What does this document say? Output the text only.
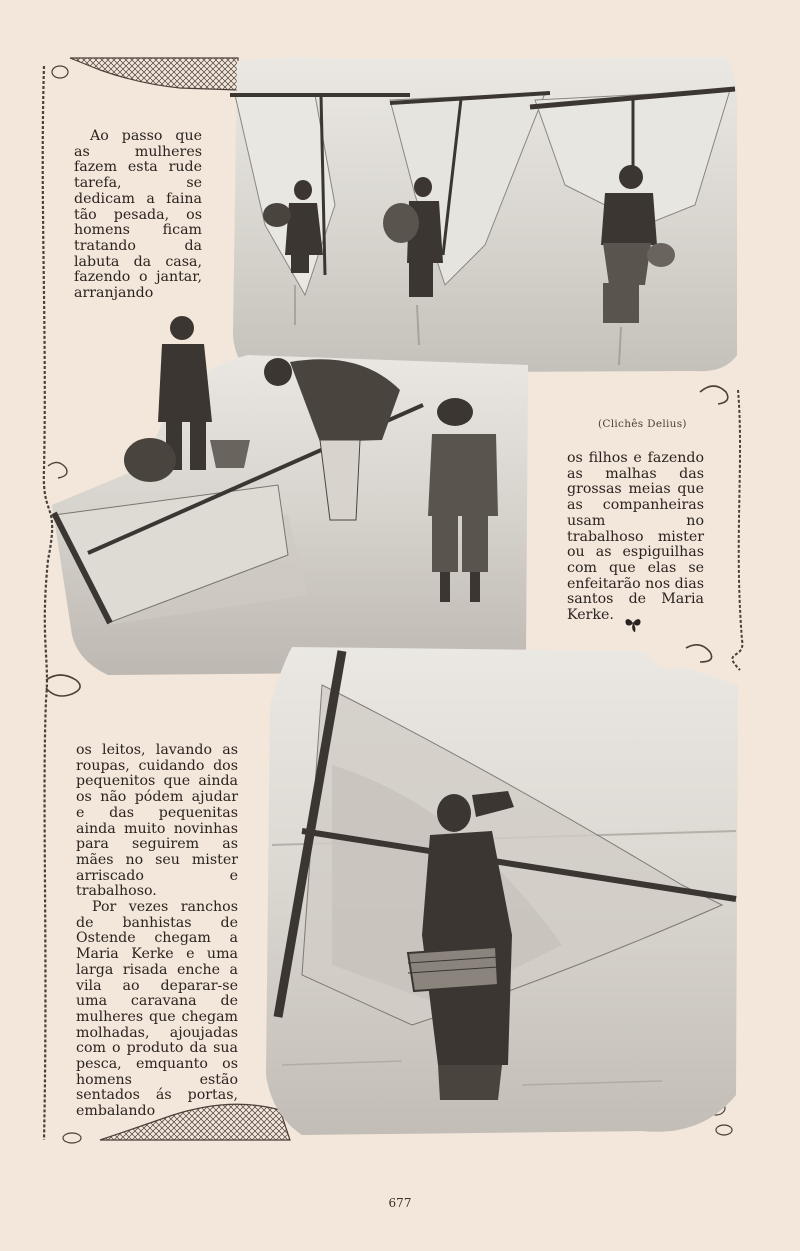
Ao passo que as mulheres fazem esta rude tarefa, se dedicam a faina tão pesada, os homens ficam tratando da labuta da casa, fazendo o jantar, arranjando

(Clichês Delius)

os filhos e fazendo as malhas das grossas meias que as companheiras usam no trabalhoso mister ou as espiguilhas com que elas se enfeitarão nos dias santos de Maria Kerke.

os leitos, lavando as roupas, cuidando dos pequenitos que ainda os não pódem ajudar e das pequenitas ainda muito novinhas para seguirem as mães no seu mister arriscado e trabalhoso.

Por vezes ranchos de banhistas de Ostende chegam a Maria Kerke e uma larga risada enche a vila ao deparar-se uma caravana de mulheres que chegam molhadas, ajoujadas com o produto da sua pesca, emquanto os homens estão sentados ás portas, embalando

677
